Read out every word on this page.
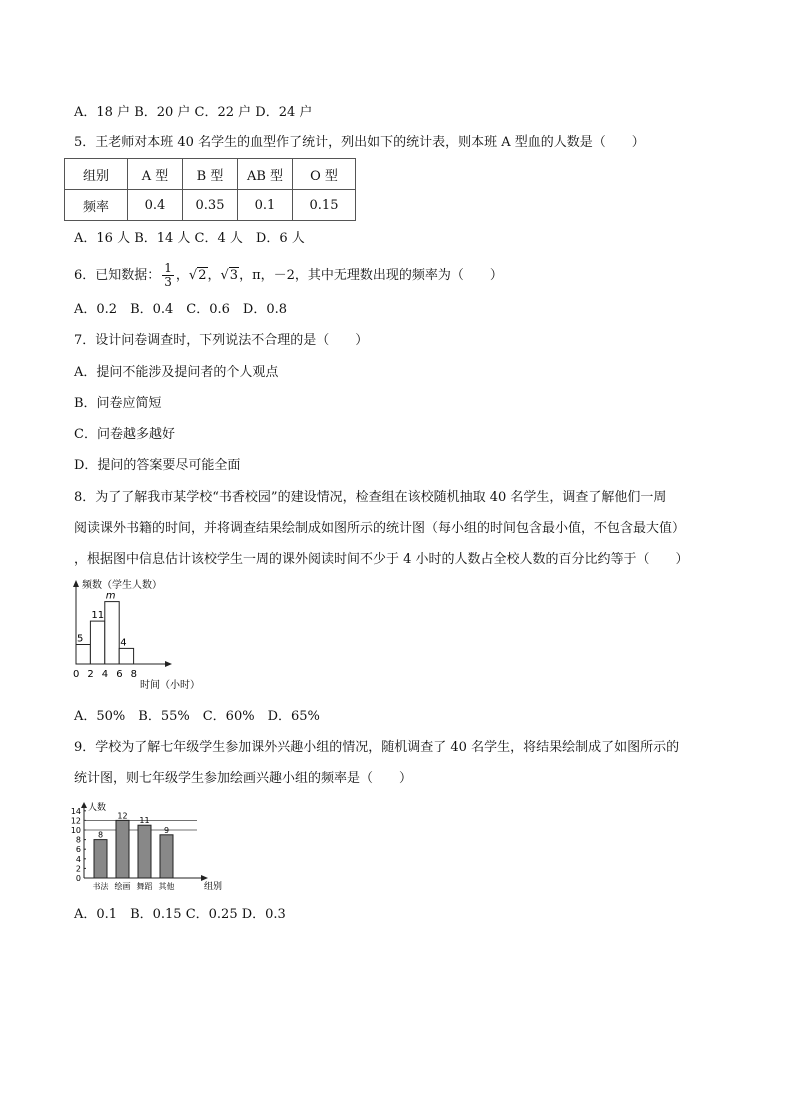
A．18 户 B．20 户 C．22 户 D．24 户
5．王老师对本班 40 名学生的血型作了统计，列出如下的统计表，则本班 A 型血的人数是（　　）
组别	A 型	B 型	AB 型	O 型
频率	0.4	0.35	0.1	0.15
A．16 人 B．14 人 C．4 人　D．6 人
6．已知数据： $\frac{1}{3}$ ，√2，√3，π，－2，其中无理数出现的频率为（　　）
A．0.2　B．0.4　C．0.6　D．0.8
7．设计问卷调查时，下列说法不合理的是（　　）
A．提问不能涉及提问者的个人观点
B．问卷应简短
C．问卷越多越好
D．提问的答案要尽可能全面
8．为了了解我市某学校“书香校园”的建设情况，检查组在该校随机抽取 40 名学生，调查了解他们一周
阅读课外书籍的时间，并将调查结果绘制成如图所示的统计图（每小组的时间包含最小值，不包含最大值）
，根据图中信息估计该校学生一周的课外阅读时间不少于 4 小时的人数占全校人数的百分比约等于（　　）
频数（学生人数）
时间（小时）
5
11
m
4
0 2 4 6 8
A．50%　B．55%　C．60%　D．65%
9．学校为了解七年级学生参加课外兴趣小组的情况，随机调查了 40 名学生，将结果绘制成了如图所示的
统计图，则七年级学生参加绘画兴趣小组的频率是（　　）
人数
组别
0
2
4
6
8
10
12
14
8
书法
12
绘画
11
舞蹈
9
其他
A．0.1　B．0.15 C．0.25 D．0.3
